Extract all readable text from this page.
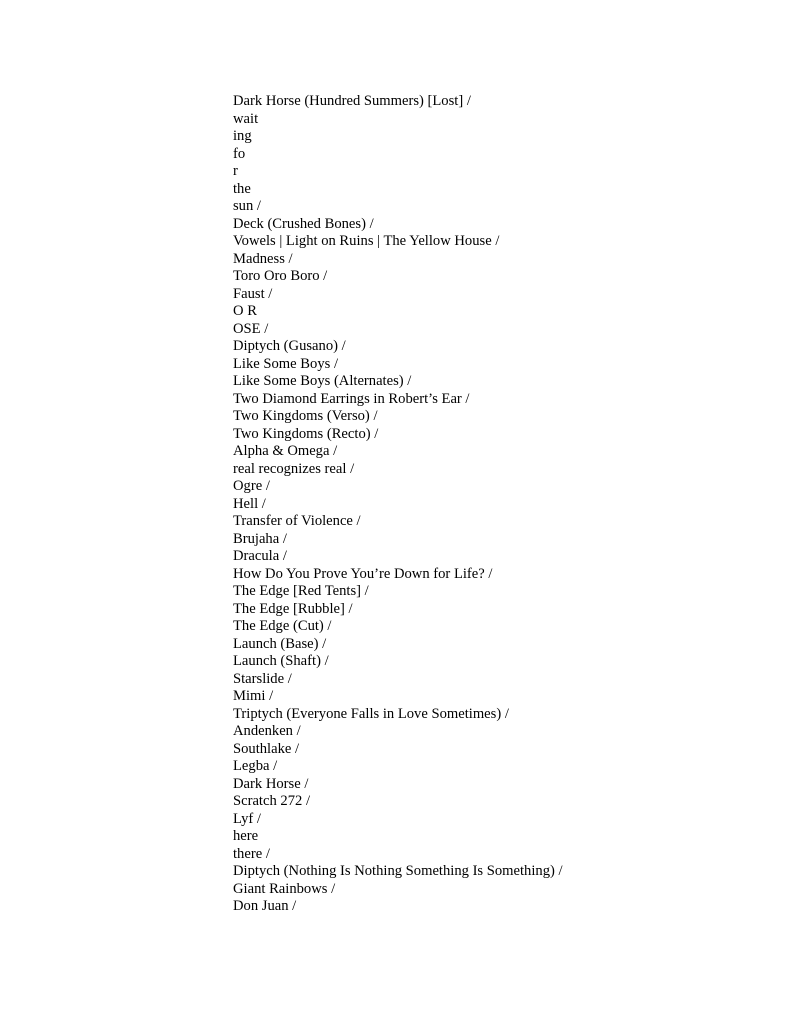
Dark Horse (Hundred Summers) [Lost] /
wait
ing
fo
r
the
sun /
Deck (Crushed Bones) /
Vowels | Light on Ruins | The Yellow House /
Madness /
Toro Oro Boro /
Faust /
O R
OSE /
Diptych (Gusano) /
Like Some Boys /
Like Some Boys (Alternates) /
Two Diamond Earrings in Robert’s Ear /
Two Kingdoms (Verso) /
Two Kingdoms (Recto) /
Alpha & Omega /
real recognizes real /
Ogre /
Hell /
Transfer of Violence /
Brujaha /
Dracula /
How Do You Prove You’re Down for Life? /
The Edge [Red Tents] /
The Edge [Rubble] /
The Edge (Cut) /
Launch (Base) /
Launch (Shaft) /
Starslide /
Mimi /
Triptych (Everyone Falls in Love Sometimes) /
Andenken /
Southlake /
Legba /
Dark Horse /
Scratch 272 /
Lyf /
here
there /
Diptych (Nothing Is Nothing Something Is Something) /
Giant Rainbows /
Don Juan /
